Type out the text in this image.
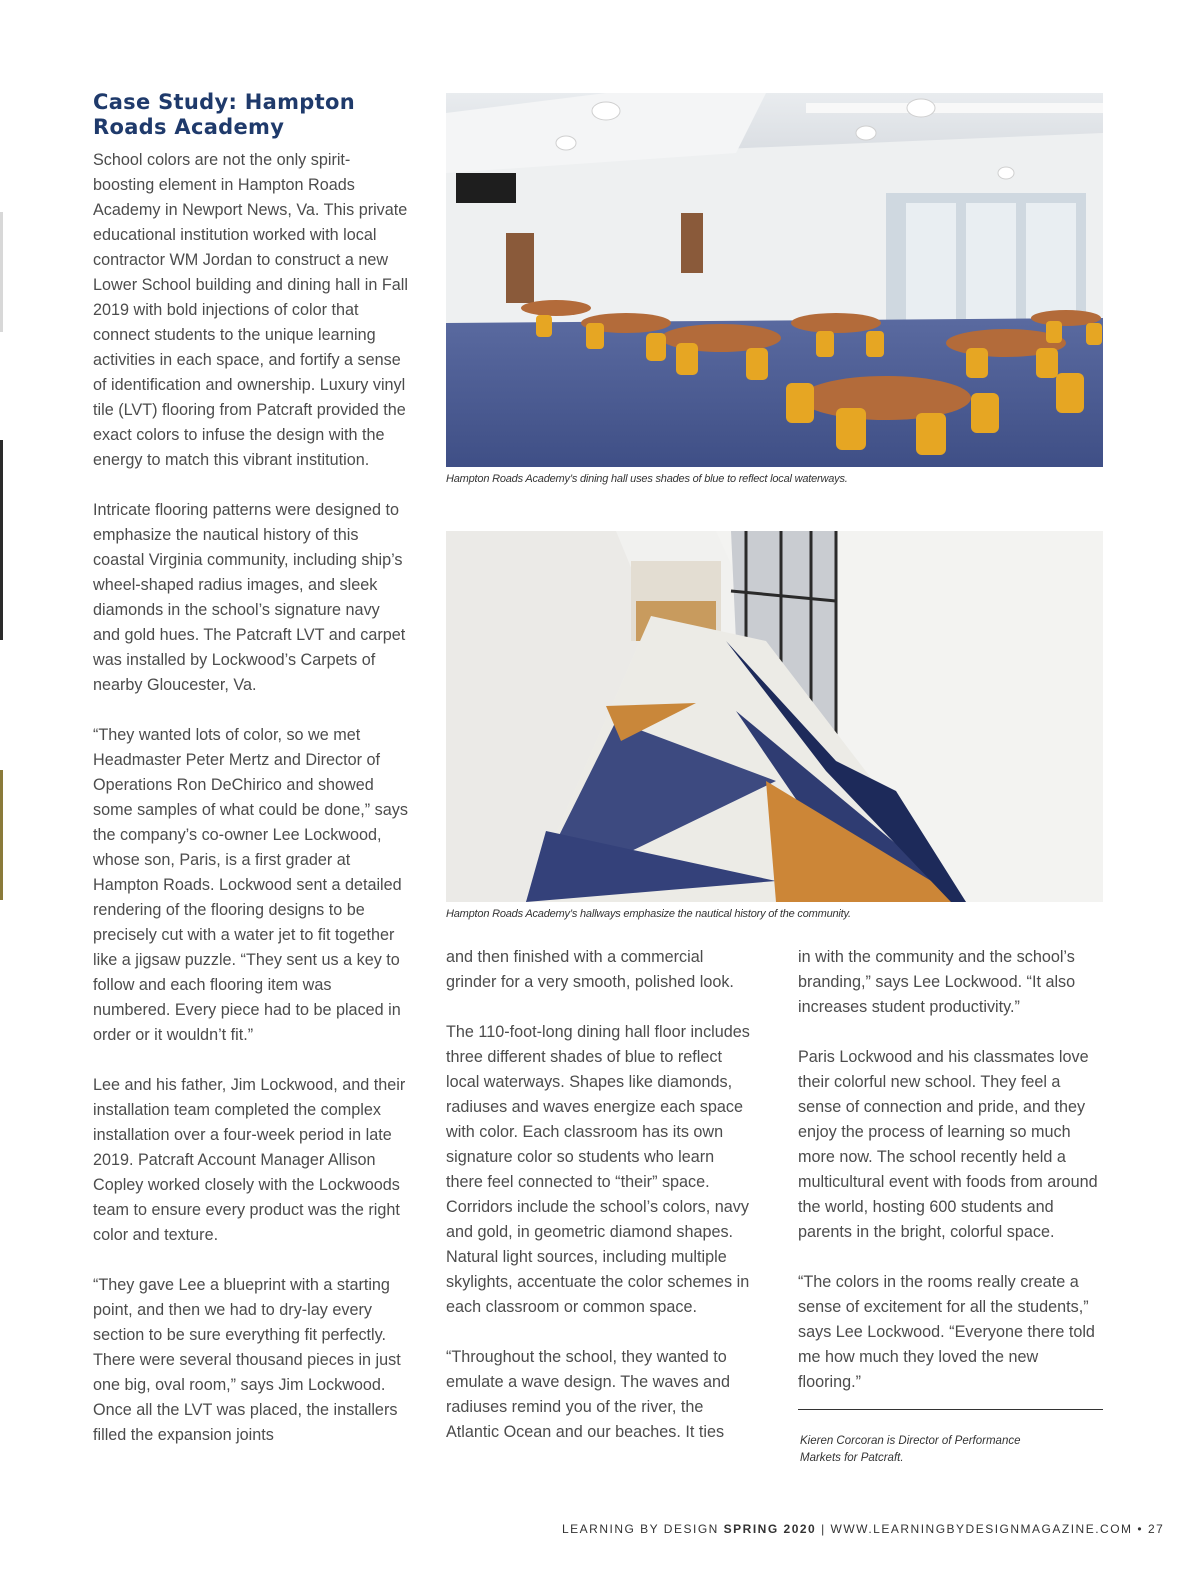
Case Study: Hampton Roads Academy

School colors are not the only spirit-boosting element in Hampton Roads Academy in Newport News, Va. This private educational institution worked with local contractor WM Jordan to construct a new Lower School building and dining hall in Fall 2019 with bold injections of color that connect students to the unique learning activities in each space, and fortify a sense of identification and ownership. Luxury vinyl tile (LVT) flooring from Patcraft provided the exact colors to infuse the design with the energy to match this vibrant institution.

Intricate flooring patterns were designed to emphasize the nautical history of this coastal Virginia community, including ship’s wheel-shaped radius images, and sleek diamonds in the school’s signature navy and gold hues. The Patcraft LVT and carpet was installed by Lockwood’s Carpets of nearby Gloucester, Va.

“They wanted lots of color, so we met Headmaster Peter Mertz and Director of Operations Ron DeChirico and showed some samples of what could be done,” says the company’s co-owner Lee Lockwood, whose son, Paris, is a first grader at Hampton Roads. Lockwood sent a detailed rendering of the flooring designs to be precisely cut with a water jet to fit together like a jigsaw puzzle. “They sent us a key to follow and each flooring item was numbered. Every piece had to be placed in order or it wouldn’t fit.”

Lee and his father, Jim Lockwood, and their installation team completed the complex installation over a four-week period in late 2019. Patcraft Account Manager Allison Copley worked closely with the Lockwoods team to ensure every product was the right color and texture.

“They gave Lee a blueprint with a starting point, and then we had to dry-lay every section to be sure everything fit perfectly. There were several thousand pieces in just one big, oval room,” says Jim Lockwood. Once all the LVT was placed, the installers filled the expansion joints

Hampton Roads Academy’s dining hall uses shades of blue to reflect local waterways.

Hampton Roads Academy’s hallways emphasize the nautical history of the community.

and then finished with a commercial grinder for a very smooth, polished look.

The 110-foot-long dining hall floor includes three different shades of blue to reflect local waterways. Shapes like diamonds, radiuses and waves energize each space with color. Each classroom has its own signature color so students who learn there feel connected to “their” space. Corridors include the school’s colors, navy and gold, in geometric diamond shapes. Natural light sources, including multiple skylights, accentuate the color schemes in each classroom or common space.

“Throughout the school, they wanted to emulate a wave design. The waves and radiuses remind you of the river, the Atlantic Ocean and our beaches. It ties

in with the community and the school’s branding,” says Lee Lockwood. “It also increases student productivity.”

Paris Lockwood and his classmates love their colorful new school. They feel a sense of connection and pride, and they enjoy the process of learning so much more now. The school recently held a multicultural event with foods from around the world, hosting 600 students and parents in the bright, colorful space.

“The colors in the rooms really create a sense of excitement for all the students,” says Lee Lockwood. “Everyone there told me how much they loved the new flooring.”

Kieren Corcoran is Director of Performance Markets for Patcraft.

LEARNING BY DESIGN SPRING 2020 | WWW.LEARNINGBYDESIGNMAGAZINE.COM • 27
